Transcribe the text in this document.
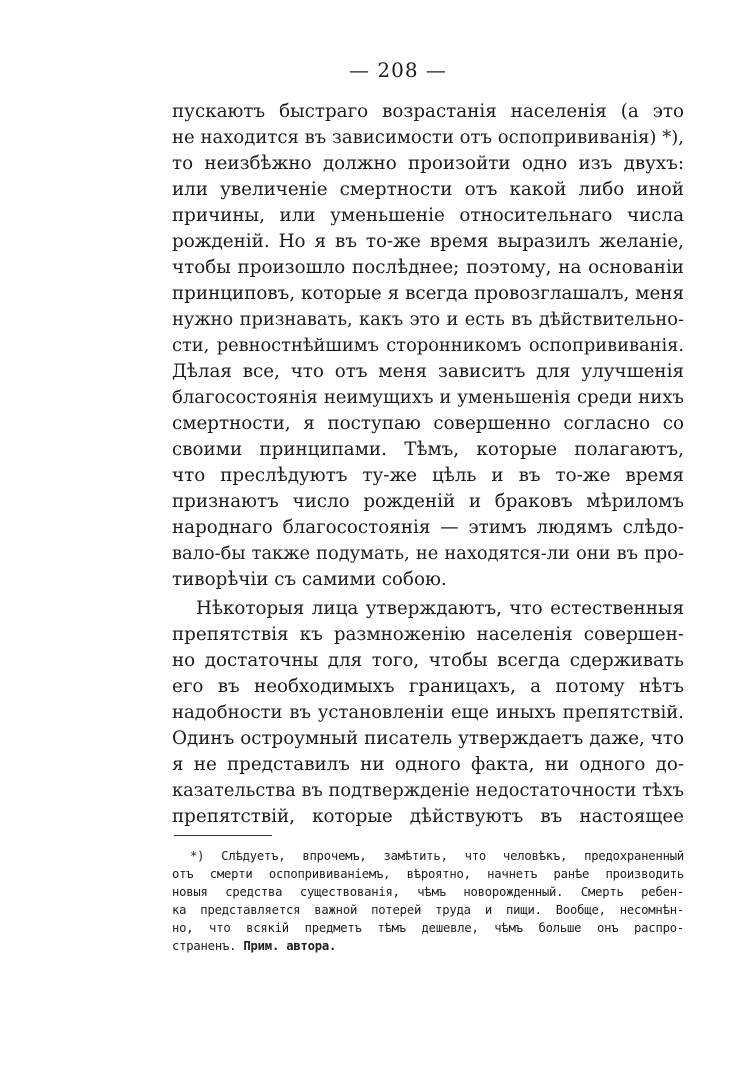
— 208 —
пускаютъ быстраго возрастанія населенія (а это
не находится въ зависимости отъ оспопрививанія) *),
то неизбѣжно должно произойти одно изъ двухъ:
или увеличеніе смертности отъ какой либо иной
причины, или уменьшеніе относительнаго числа
рожденій. Но я въ то-же время выразилъ желаніе,
чтобы произошло послѣднее; поэтому, на основаніи
принциповъ, которые я всегда провозглашалъ, меня
нужно признавать, какъ это и есть въ дѣйствительно-
сти, ревностнѣйшимъ сторонникомъ оспопрививанія.
Дѣлая все, что отъ меня зависитъ для улучшенія
благосостоянія неимущихъ и уменьшенія среди нихъ
смертности, я поступаю совершенно согласно со
своими принципами. Тѣмъ, которые полагаютъ,
что преслѣдуютъ ту-же цѣль и въ то-же время
признаютъ число рожденій и браковъ мѣриломъ
народнаго благосостоянія — этимъ людямъ слѣдо-
вало-бы также подумать, не находятся-ли они въ про-
тиворѣчіи съ самими собою.
Нѣкоторыя лица утверждаютъ, что естественныя
препятствія къ размноженію населенія совершен-
но достаточны для того, чтобы всегда сдерживать
его въ необходимыхъ границахъ, а потому нѣтъ
надобности въ установленіи еще иныхъ препятствій.
Одинъ остроумный писатель утверждаетъ даже, что
я не представилъ ни одного факта, ни одного до-
казательства въ подтвержденіе недостаточности тѣхъ
препятствій, которые дѣйствуютъ въ настоящее
*) Слѣдуетъ, впрочемъ, замѣтить, что человѣкъ, предохраненный
отъ смерти оспопрививаніемъ, вѣроятно, начнетъ ранѣе производить
новыя средства существованія, чѣмъ новорожденный. Смерть ребен-
ка представляется важной потерей труда и пищи. Вообще, несомнѣн-
но, что всякій предметъ тѣмъ дешевле, чѣмъ больше онъ распро-
страненъ. Прим. автора.
